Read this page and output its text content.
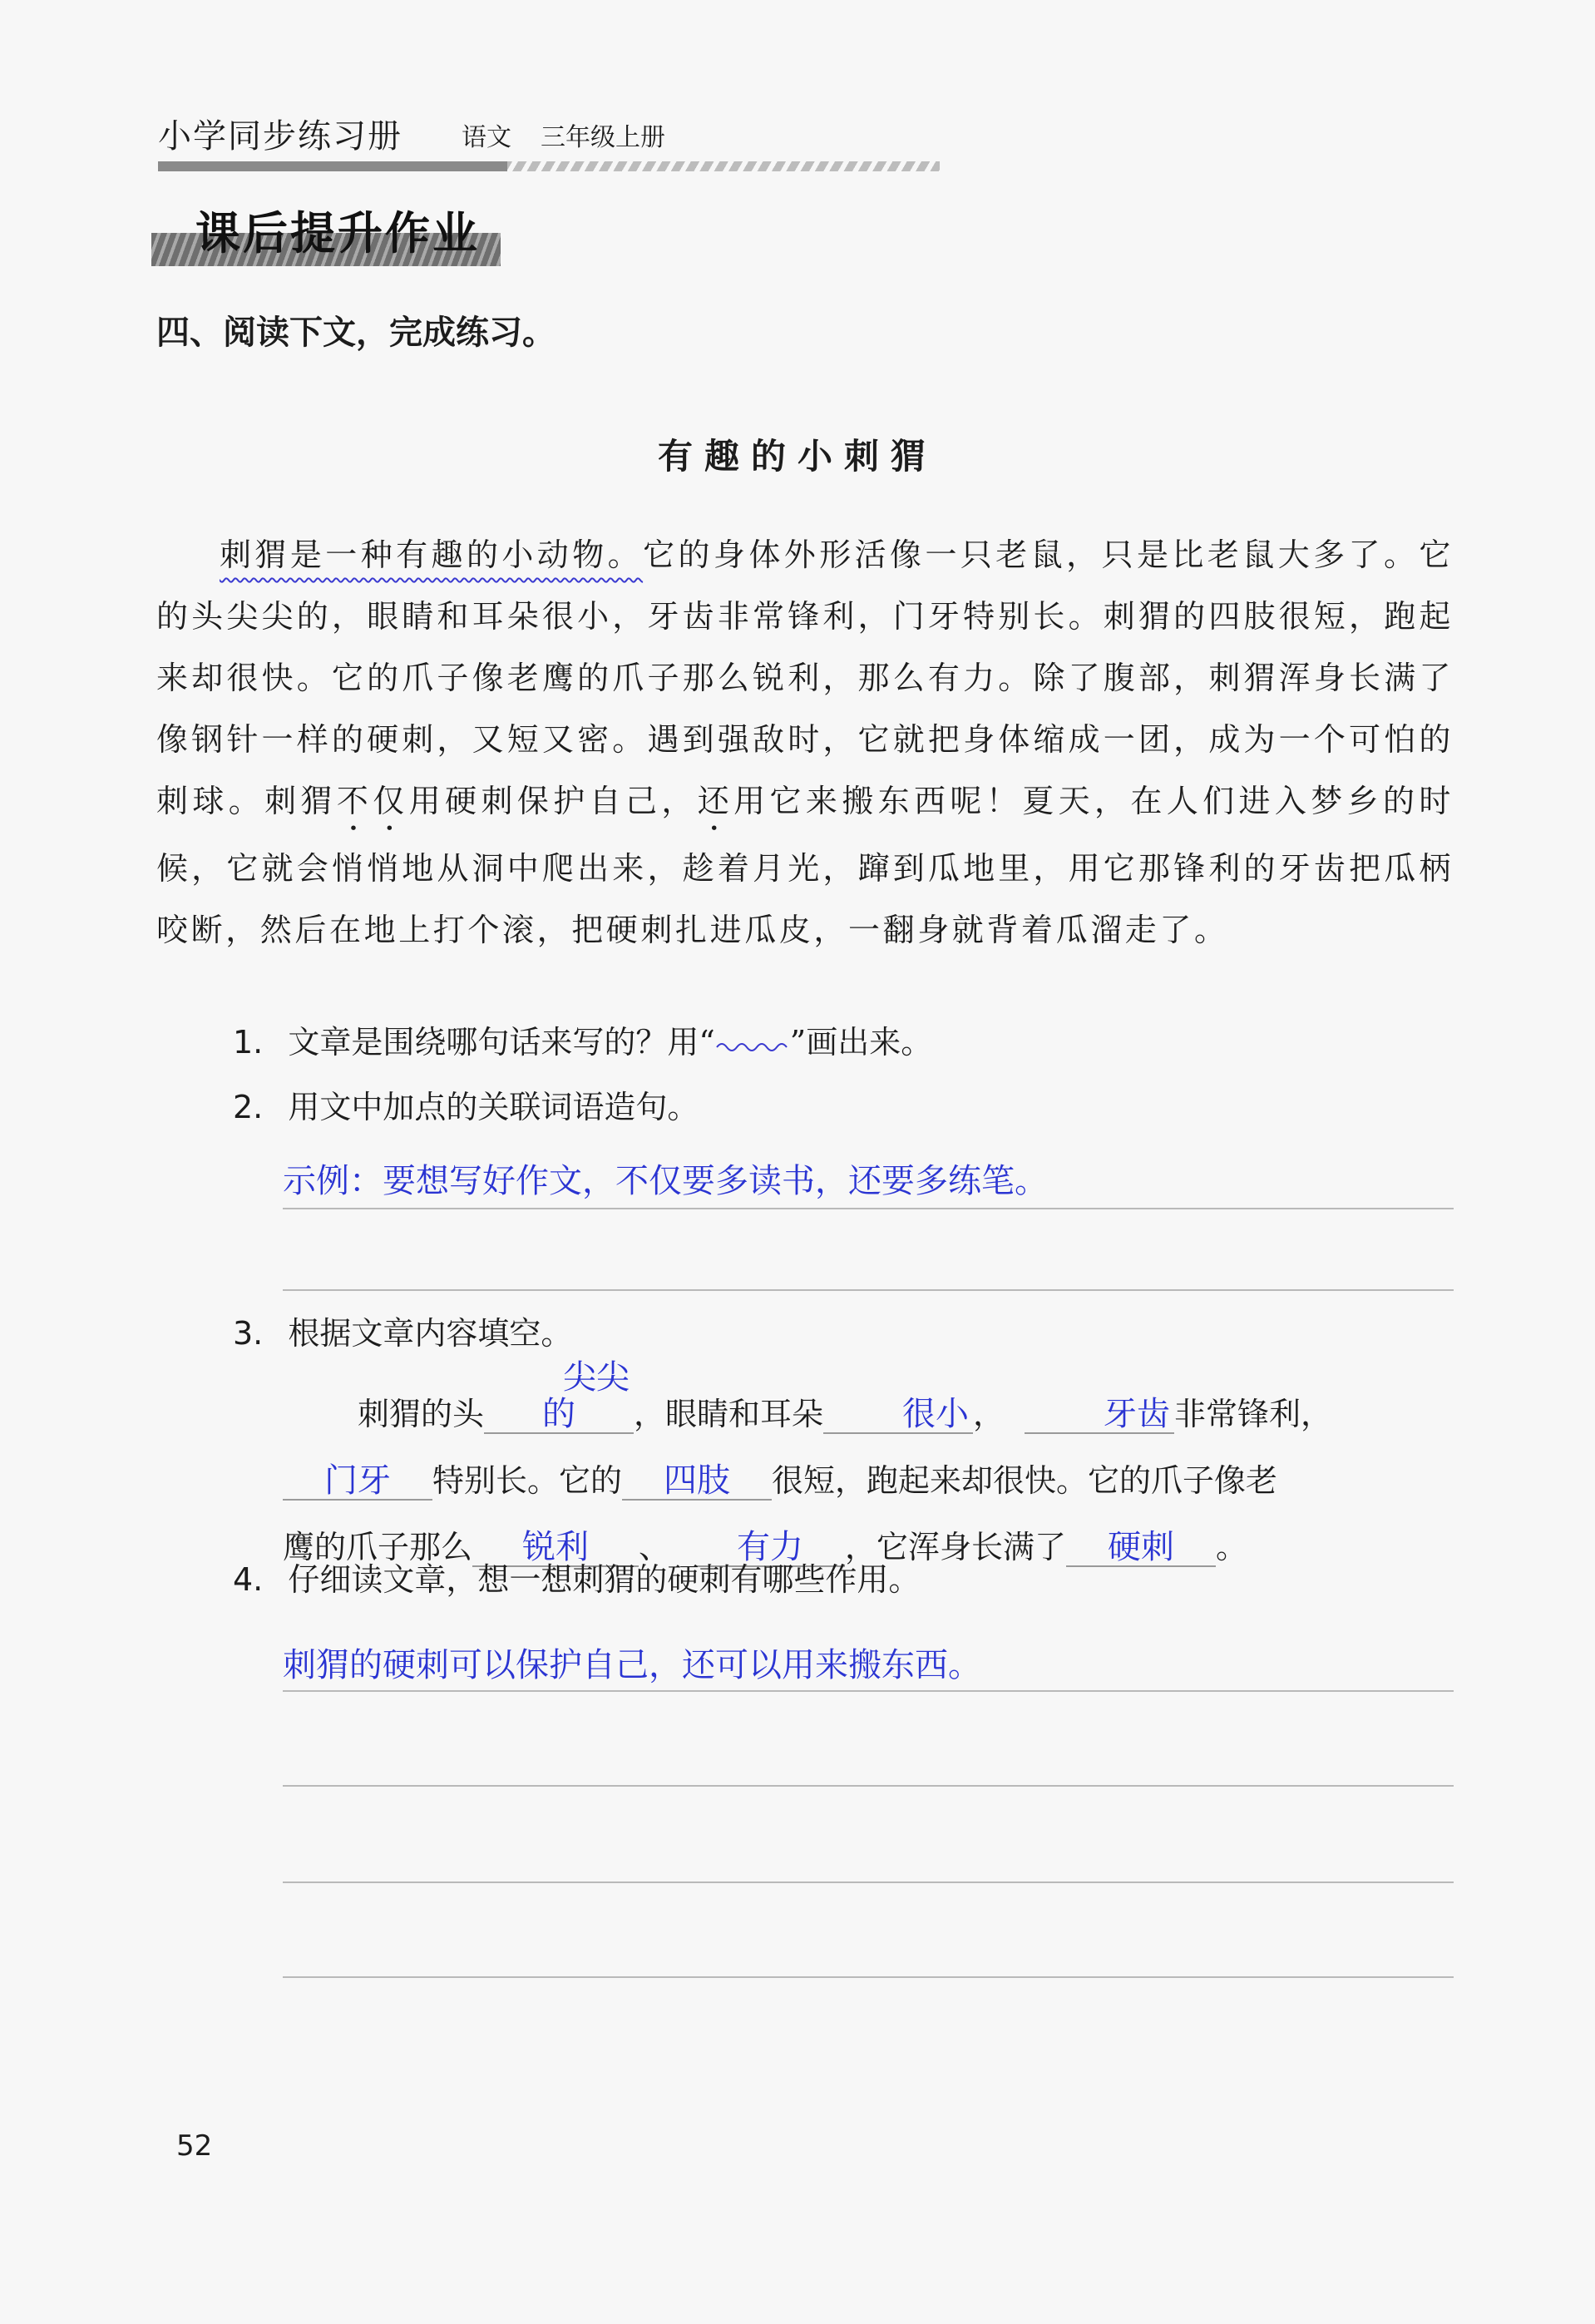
小学同步练习册 语文 三年级上册
课后提升作业
四、阅读下文，完成练习。
有趣的小刺猬

刺猬是一种有趣的小动物。它的身体外形活像一只老鼠，只是比老鼠大多了。它的头尖尖的，眼睛和耳朵很小，牙齿非常锋利，门牙特别长。刺猬的四肢很短，跑起来却很快。它的爪子像老鹰的爪子那么锐利，那么有力。除了腹部，刺猬浑身长满了像钢针一样的硬刺，又短又密。遇到强敌时，它就把身体缩成一团，成为一个可怕的刺球。刺猬不仅用硬刺保护自己，还用它来搬东西呢！夏天，在人们进入梦乡的时候，它就会悄悄地从洞中爬出来，趁着月光，蹿到瓜地里，用它那锋利的牙齿把瓜柄咬断，然后在地上打个滚，把硬刺扎进瓜皮，一翻身就背着瓜溜走了。

1. 文章是围绕哪句话来写的？用“ ”画出来。
2. 用文中加点的关联词语造句。
示例：要想写好作文，不仅要多读书，还要多练笔。
3. 根据文章内容填空。
刺猬的头尖尖的 ，眼睛和耳朵 很小 ，	牙齿 非常锋利，
门牙 特别长。它的 四肢 很短，跑起来却很快。它的爪子像老
鹰的爪子那么 锐利 、 有力 ，它浑身长满了 硬刺 。
4. 仔细读文章，想一想刺猬的硬刺有哪些作用。
刺猬的硬刺可以保护自己，还可以用来搬东西。
52
